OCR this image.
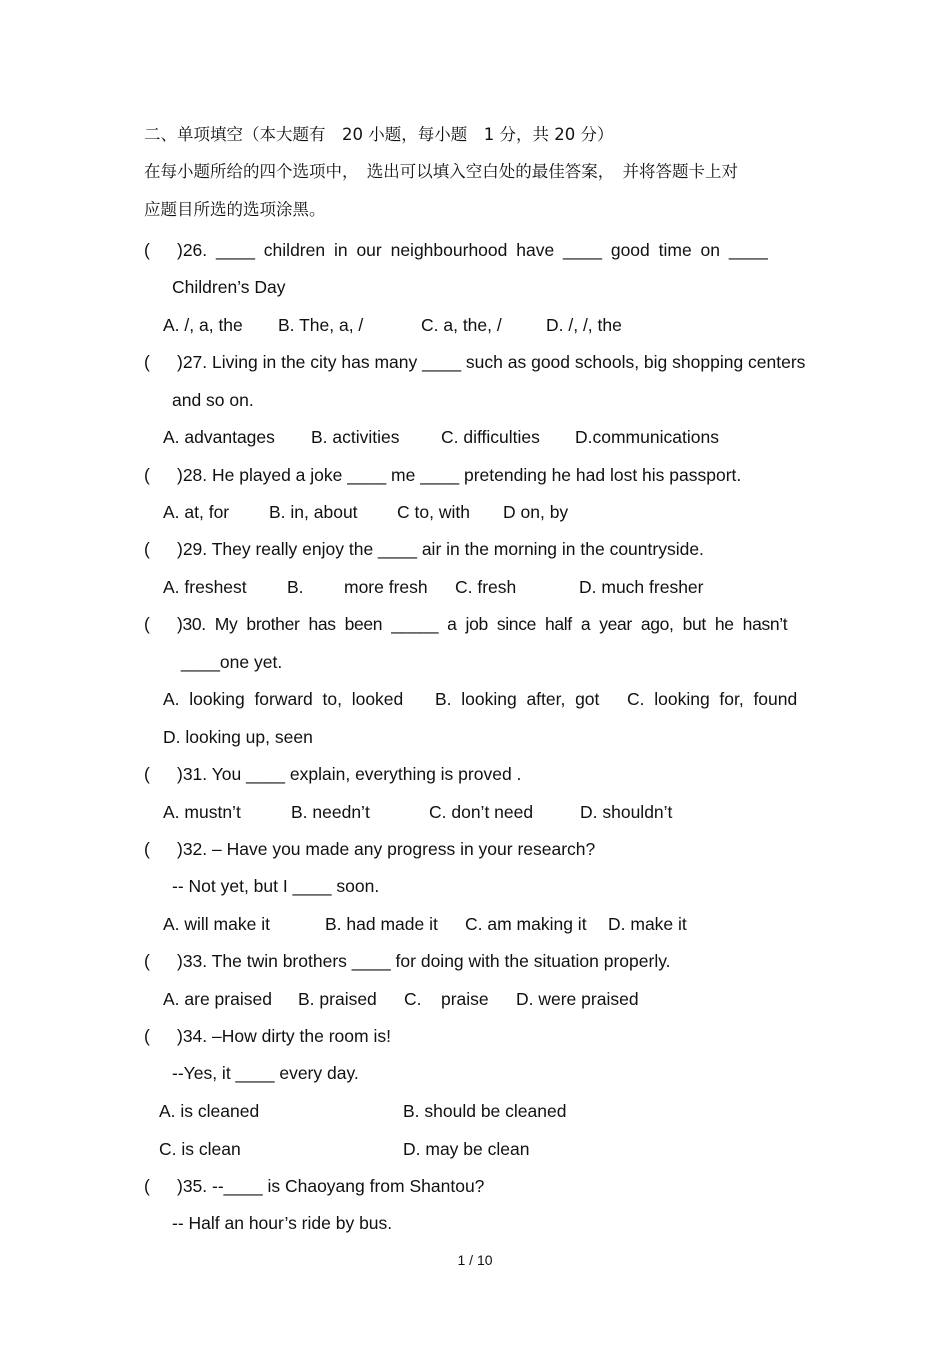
二、单项填空（本大题有　20 小题，每小题　1 分，共 20 分）
在每小题所给的四个选项中，　选出可以填入空白处的最佳答案，　并将答题卡上对
应题目所选的选项涂黑。
( )26. ____ children in our neighbourhood have ____ good time on ____
Children’s Day
A. /, a, the B. The, a, /	C. a, the, /	D. /, /, the
( )27. Living in the city has many ____ such as good schools, big shopping centers
and so on.
A. advantages B. activities C. difficulties D.communications
( )28. He played a joke ____ me ____ pretending he had lost his passport.
A. at, for B. in, about C to, with D on, by
( )29. They really enjoy the ____ air in the morning in the countryside.
A. freshest B. more fresh C. fresh	D. much fresher
( )30.  My  brother  has  been  _____  a  job  since  half  a  year  ago,  but  he  hasn’t
____one yet.
A.  looking  forward  to,  looked B.  looking  after,  got C.  looking  for,  found
D. looking up, seen
( )31. You ____ explain, everything is proved .
A. mustn’t	B. needn’t	C. don’t need	D. shouldn’t
( )32. – Have you made any progress in your research?
-- Not yet, but I ____ soon.
A. will make it	B. had made it C. am making it D. make it
( )33. The twin brothers ____ for doing with the situation properly.
A. are praised B. praised C. praise D. were praised
( )34. –How dirty the room is!
--Yes, it ____ every day.
A. is cleaned	B. should be cleaned
C. is clean	D. may be clean
( )35. --____ is Chaoyang from Shantou?
-- Half an hour’s ride by bus.
1 / 10
